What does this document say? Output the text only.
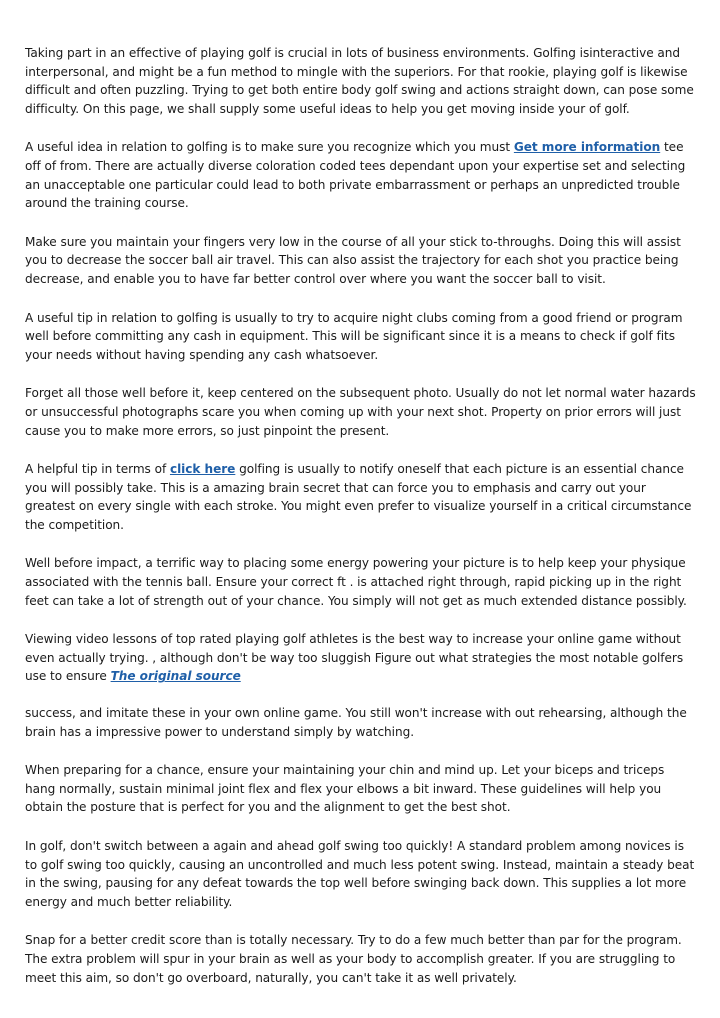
Taking part in an effective of playing golf is crucial in lots of business environments. Golfing isinteractive and interpersonal, and might be a fun method to mingle with the superiors. For that rookie, playing golf is likewise difficult and often puzzling. Trying to get both entire body golf swing and actions straight down, can pose some difficulty. On this page, we shall supply some useful ideas to help you get moving inside your of golf.

A useful idea in relation to golfing is to make sure you recognize which you must Get more information tee off of from. There are actually diverse coloration coded tees dependant upon your expertise set and selecting an unacceptable one particular could lead to both private embarrassment or perhaps an unpredicted trouble around the training course.

Make sure you maintain your fingers very low in the course of all your stick to-throughs. Doing this will assist you to decrease the soccer ball air travel. This can also assist the trajectory for each shot you practice being decrease, and enable you to have far better control over where you want the soccer ball to visit.

A useful tip in relation to golfing is usually to try to acquire night clubs coming from a good friend or program well before committing any cash in equipment. This will be significant since it is a means to check if golf fits your needs without having spending any cash whatsoever.

Forget all those well before it, keep centered on the subsequent photo. Usually do not let normal water hazards or unsuccessful photographs scare you when coming up with your next shot. Property on prior errors will just cause you to make more errors, so just pinpoint the present.

A helpful tip in terms of click here golfing is usually to notify oneself that each picture is an essential chance you will possibly take. This is a amazing brain secret that can force you to emphasis and carry out your greatest on every single with each stroke. You might even prefer to visualize yourself in a critical circumstance the competition.

Well before impact, a terrific way to placing some energy powering your picture is to help keep your physique associated with the tennis ball. Ensure your correct ft . is attached right through, rapid picking up in the right feet can take a lot of strength out of your chance. You simply will not get as much extended distance possibly.

Viewing video lessons of top rated playing golf athletes is the best way to increase your online game without even actually trying. , although don't be way too sluggish Figure out what strategies the most notable golfers use to ensure The original source

success, and imitate these in your own online game. You still won't increase with out rehearsing, although the brain has a impressive power to understand simply by watching.

When preparing for a chance, ensure your maintaining your chin and mind up. Let your biceps and triceps hang normally, sustain minimal joint flex and flex your elbows a bit inward. These guidelines will help you obtain the posture that is perfect for you and the alignment to get the best shot.

In golf, don't switch between a again and ahead golf swing too quickly! A standard problem among novices is to golf swing too quickly, causing an uncontrolled and much less potent swing. Instead, maintain a steady beat in the swing, pausing for any defeat towards the top well before swinging back down. This supplies a lot more energy and much better reliability.

Snap for a better credit score than is totally necessary. Try to do a few much better than par for the program. The extra problem will spur in your brain as well as your body to accomplish greater. If you are struggling to meet this aim, so don't go overboard, naturally, you can't take it as well privately.
